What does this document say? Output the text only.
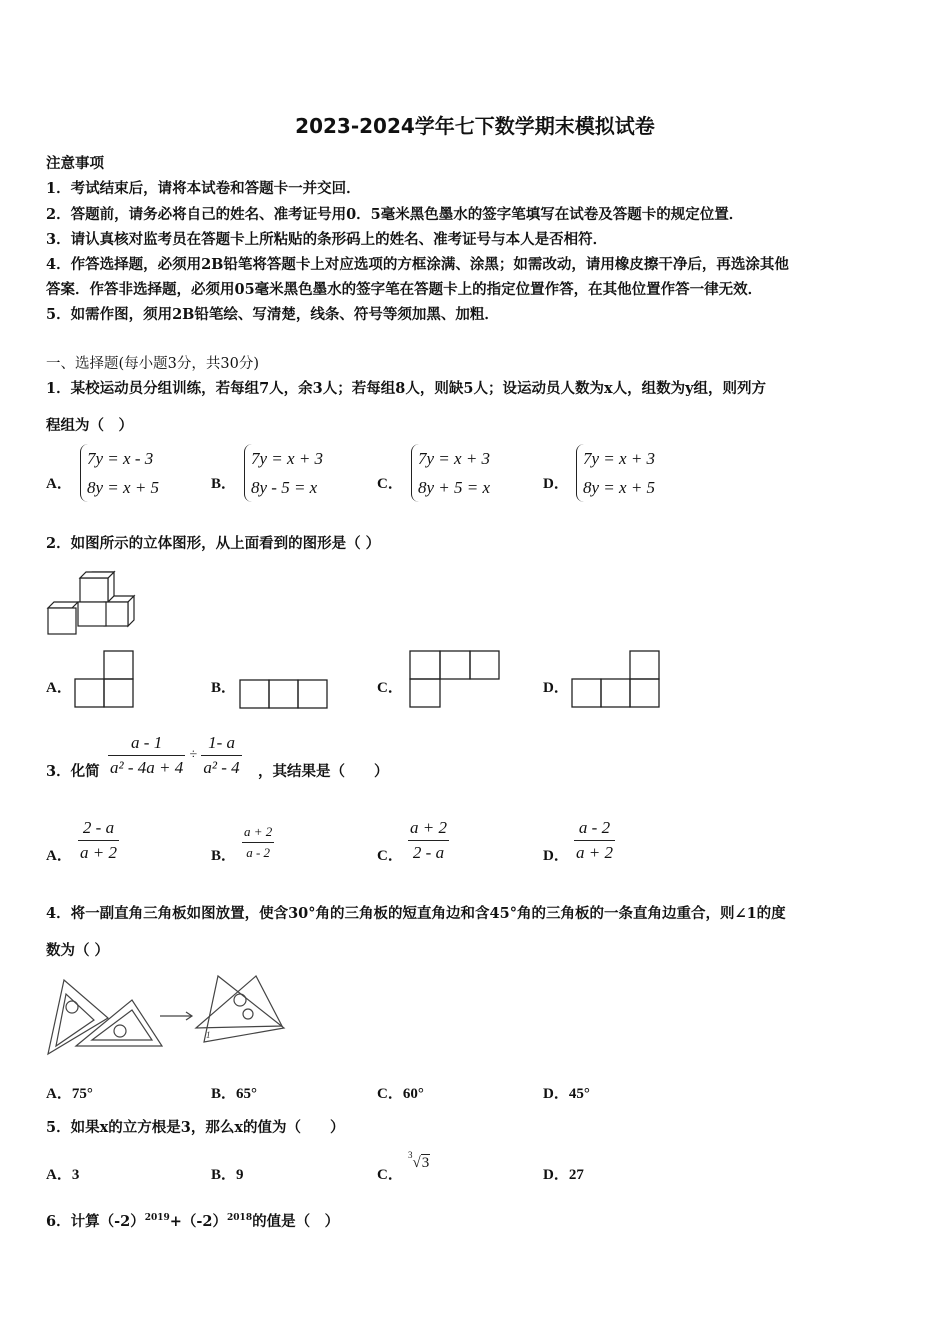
2023-2024学年七下数学期末模拟试卷
注意事项
1．考试结束后，请将本试卷和答题卡一并交回．
2．答题前，请务必将自己的姓名、准考证号用0．5毫米黑色墨水的签字笔填写在试卷及答题卡的规定位置．
3．请认真核对监考员在答题卡上所粘贴的条形码上的姓名、准考证号与本人是否相符．
4．作答选择题，必须用2B铅笔将答题卡上对应选项的方框涂满、涂黑；如需改动，请用橡皮擦干净后，再选涂其他
答案．作答非选择题，必须用05毫米黑色墨水的签字笔在答题卡上的指定位置作答，在其他位置作答一律无效．
5．如需作图，须用2B铅笔绘、写清楚，线条、符号等须加黑、加粗．
一、选择题(每小题3分，共30分)
1．某校运动员分组训练，若每组7人，余3人；若每组8人，则缺5人；设运动员人数为x人，组数为y组，则列方
程组为（　）
A．
7y = x - 3
8y = x + 5	B．
7y = x + 3
8y - 5 = x	C．
7y = x + 3
8y + 5 = x	D．
7y = x + 3
8y = x + 5
2．如图所示的立体图形，从上面看到的图形是（ ）
A．	B．	C．	D．
3．化简 $\frac{a - 1}{\text{a² - 4a + 4}} \div \frac{1- a}{\text{a² - 4}}$ ，其结果是（　　）
A． $\frac{2 - a}{a + 2}$	B． $\frac{a + 2}{a - 2}$	C． $\frac{a + 2}{2 - a}$	D． $\frac{a - 2}{a + 2}$
4．将一副直角三角板如图放置，使含30°角的三角板的短直角边和含45°角的三角板的一条直角边重合，则∠1的度
数为（ ）
1
A．75°	B．65°	C．60°	D．45°
5．如果x的立方根是3，那么x的值为（　　）
A．3	B．9	C．
$^3$√3
D．27
6．计算$(-2)^{2019}+(-2)^{2018}$的值是（　）
